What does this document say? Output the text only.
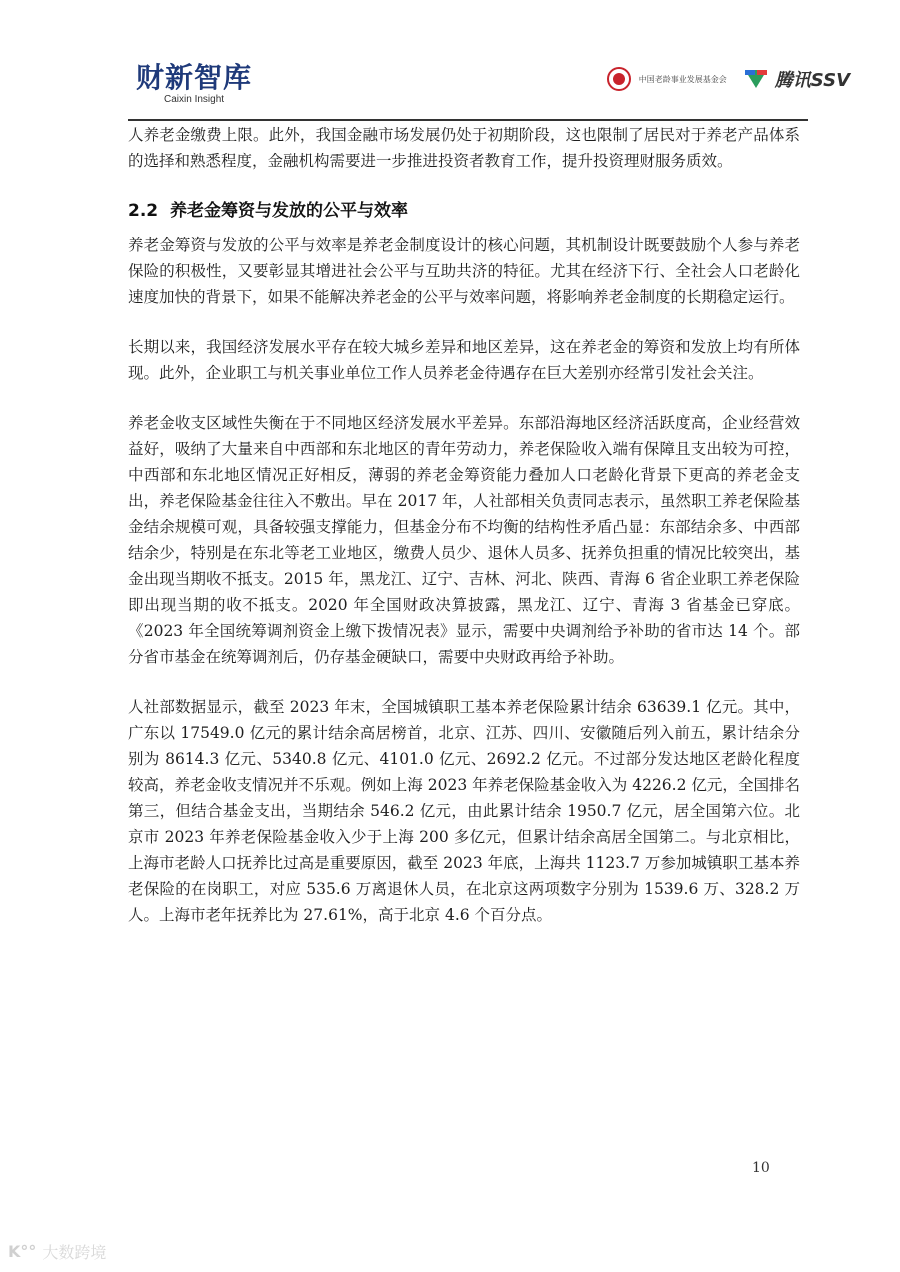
财新智库
Caixin Insight
中国老龄事业发展基金会	腾讯SSV

人养老金缴费上限。此外，我国金融市场发展仍处于初期阶段，这也限制了居民对于养老产品体系的选择和熟悉程度，金融机构需要进一步推进投资者教育工作，提升投资理财服务质效。

2.2 养老金筹资与发放的公平与效率

养老金筹资与发放的公平与效率是养老金制度设计的核心问题，其机制设计既要鼓励个人参与养老保险的积极性，又要彰显其增进社会公平与互助共济的特征。尤其在经济下行、全社会人口老龄化速度加快的背景下，如果不能解决养老金的公平与效率问题，将影响养老金制度的长期稳定运行。

长期以来，我国经济发展水平存在较大城乡差异和地区差异，这在养老金的筹资和发放上均有所体现。此外，企业职工与机关事业单位工作人员养老金待遇存在巨大差别亦经常引发社会关注。

养老金收支区域性失衡在于不同地区经济发展水平差异。东部沿海地区经济活跃度高，企业经营效益好，吸纳了大量来自中西部和东北地区的青年劳动力，养老保险收入端有保障且支出较为可控，中西部和东北地区情况正好相反，薄弱的养老金筹资能力叠加人口老龄化背景下更高的养老金支出，养老保险基金往往入不敷出。早在 2017 年，人社部相关负责同志表示，虽然职工养老保险基金结余规模可观，具备较强支撑能力，但基金分布不均衡的结构性矛盾凸显：东部结余多、中西部结余少，特别是在东北等老工业地区，缴费人员少、退休人员多、抚养负担重的情况比较突出，基金出现当期收不抵支。2015 年，黑龙江、辽宁、吉林、河北、陕西、青海 6 省企业职工养老保险即出现当期的收不抵支。2020 年全国财政决算披露，黑龙江、辽宁、青海 3 省基金已穿底。《2023 年全国统筹调剂资金上缴下拨情况表》显示，需要中央调剂给予补助的省市达 14 个。部分省市基金在统筹调剂后，仍存基金硬缺口，需要中央财政再给予补助。

人社部数据显示，截至 2023 年末，全国城镇职工基本养老保险累计结余 63639.1 亿元。其中，广东以 17549.0 亿元的累计结余高居榜首，北京、江苏、四川、安徽随后列入前五，累计结余分别为 8614.3 亿元、5340.8 亿元、4101.0 亿元、2692.2 亿元。不过部分发达地区老龄化程度较高，养老金收支情况并不乐观。例如上海 2023 年养老保险基金收入为 4226.2 亿元，全国排名第三，但结合基金支出，当期结余 546.2 亿元，由此累计结余 1950.7 亿元，居全国第六位。北京市 2023 年养老保险基金收入少于上海 200 多亿元，但累计结余高居全国第二。与北京相比，上海市老龄人口抚养比过高是重要原因，截至 2023 年底，上海共 1123.7 万参加城镇职工基本养老保险的在岗职工，对应 535.6 万离退休人员，在北京这两项数字分别为 1539.6 万、328.2 万人。上海市老年抚养比为 27.61%，高于北京 4.6 个百分点。

10
K°° 大数跨境
